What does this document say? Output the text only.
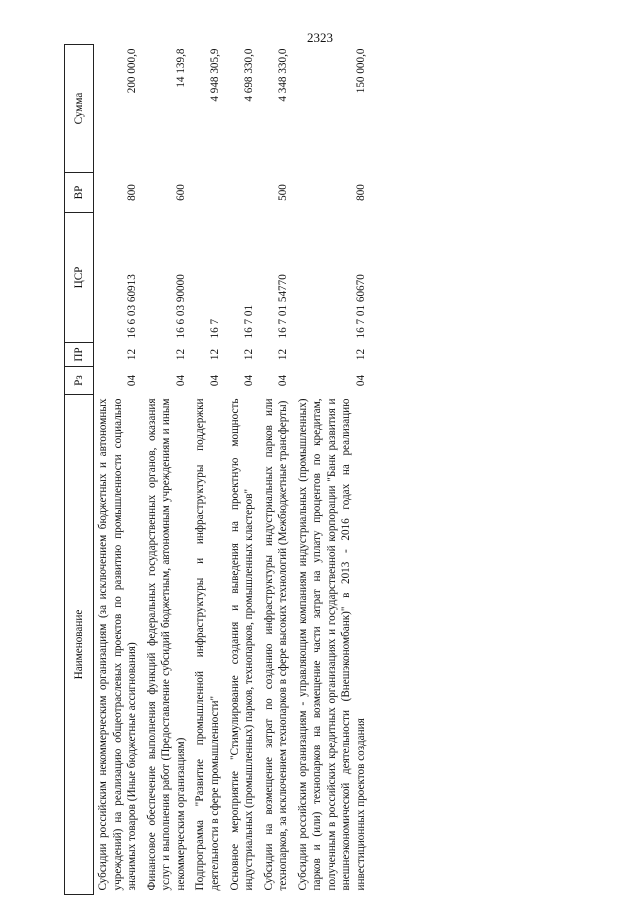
2323
Наименование	Рз	ПР	ЦСР	ВР	Сумма
Субсидии российским некоммерческим организациям (за исключением бюджетных и автономных учреждений) на реализацию общеотраслевых проектов по развитию промышленности социально значимых товаров (Иные бюджетные ассигнования)	04	12	16 6 03 60913	800	200 000,0
Финансовое обеспечение выполнения функций федеральных государственных органов, оказания услуг и выполнения работ (Предоставление субсидий бюджетным, автономным учреждениям и иным некоммерческим организациям)	04	12	16 6 03 90000	600	14 139,8
Подпрограмма "Развитие промышленной инфраструктуры и инфраструктуры поддержки деятельности в сфере промышленности"	04	12	16 7		4 948 305,9
Основное мероприятие "Стимулирование создания и выведения на проектную мощность индустриальных (промышленных) парков, технопарков, промышленных кластеров"	04	12	16 7 01		4 698 330,0
Субсидии на возмещение затрат по созданию инфраструктуры индустриальных парков или технопарков, за исключением технопарков в сфере высоких технологий (Межбюджетные трансферты)	04	12	16 7 01 54770	500	4 348 330,0
Субсидии российским организациям - управляющим компаниям индустриальных (промышленных) парков и (или) технопарков на возмещение части затрат на уплату процентов по кредитам, полученным в российских кредитных организациях и государственной корпорации "Банк развития и внешнеэкономической деятельности (Внешэкономбанк)" в 2013 - 2016 годах на реализацию инвестиционных проектов создания	04	12	16 7 01 60670	800	150 000,0
